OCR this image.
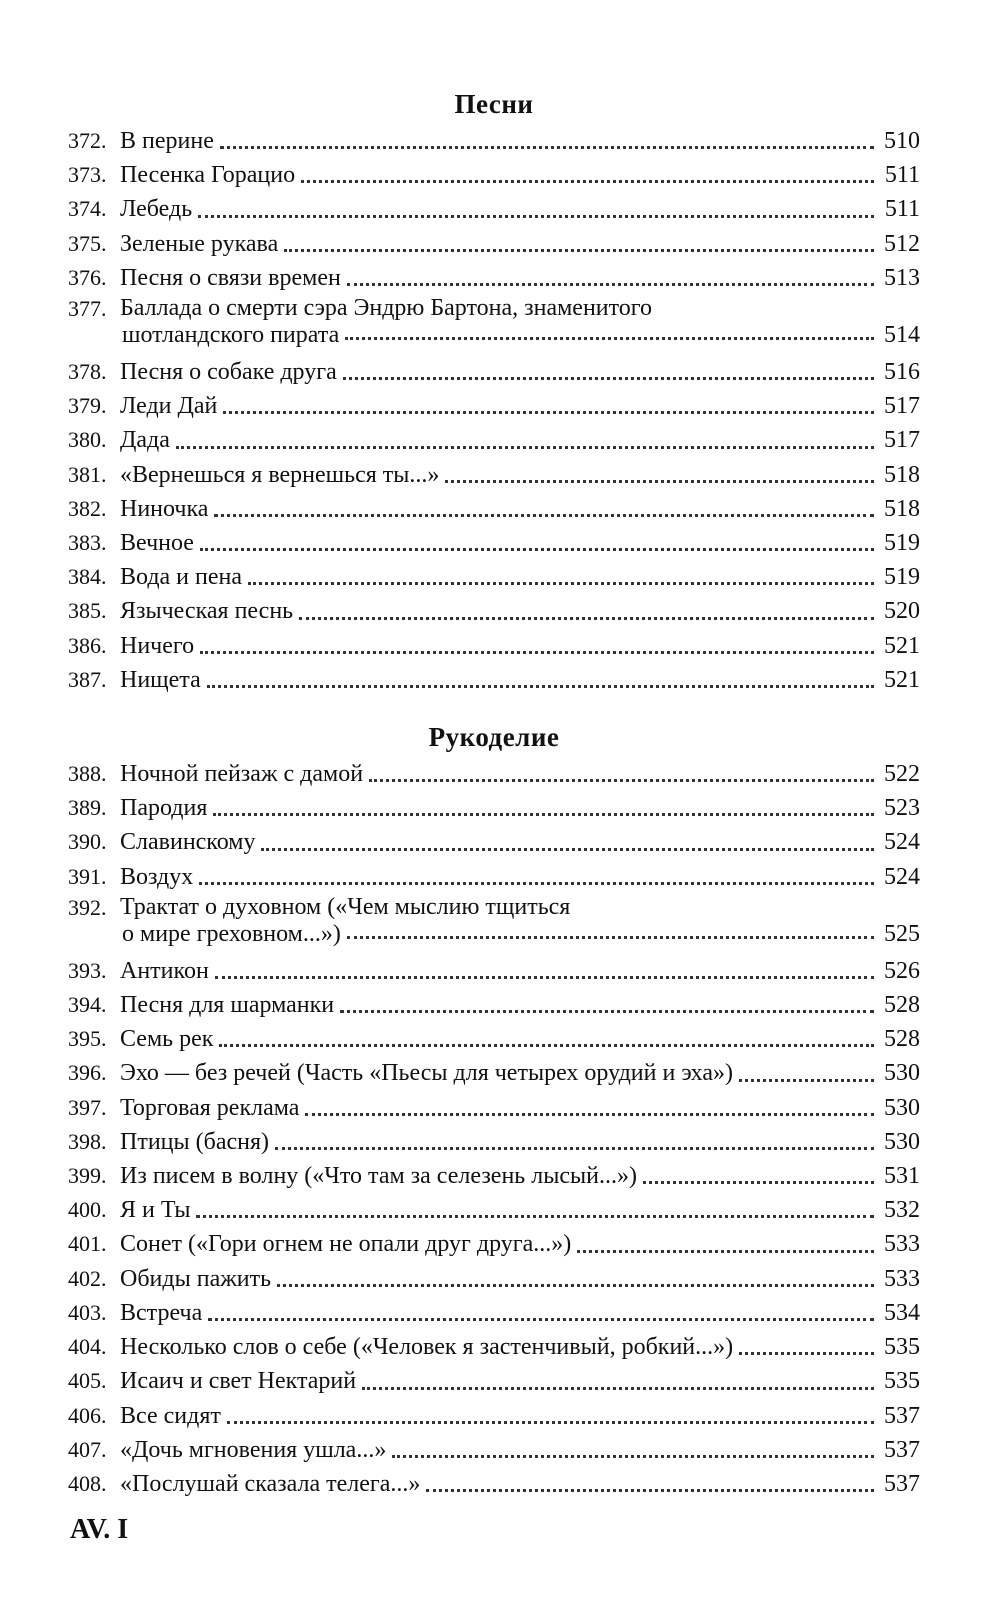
Песни
372. В перине	510
373. Песенка Горацио	511
374. Лебедь	511
375. Зеленые рукава	512
376. Песня о связи времен	513
377. Баллада о смерти сэра Эндрю Бартона, знаменитого
шотландского пирата	514
378. Песня о собаке друга	516
379. Леди Дай	517
380. Дада	517
381. «Вернешься я вернешься ты...»	518
382. Ниночка	518
383. Вечное	519
384. Вода и пена	519
385. Языческая песнь	520
386. Ничего	521
387. Нищета	521
Рукоделие
388. Ночной пейзаж с дамой	522
389. Пародия	523
390. Славинскому	524
391. Воздух	524
392. Трактат о духовном («Чем мыслию тщиться
о мире греховном...»)	525
393. Антикон	526
394. Песня для шарманки	528
395. Семь рек	528
396. Эхо — без речей (Часть «Пьесы для четырех орудий и эха»)	530
397. Торговая реклама	530
398. Птицы (басня)	530
399. Из писем в волну («Что там за селезень лысый...»)	531
400. Я и Ты	532
401. Сонет («Гори огнем не опали друг друга...»)	533
402. Обиды пажить	533
403. Встреча	534
404. Несколько слов о себе («Человек я застенчивый, робкий...»)	535
405. Исаич и свет Нектарий	535
406. Все сидят	537
407. «Дочь мгновения ушла...»	537
408. «Послушай сказала телега...»	537
AV. I
